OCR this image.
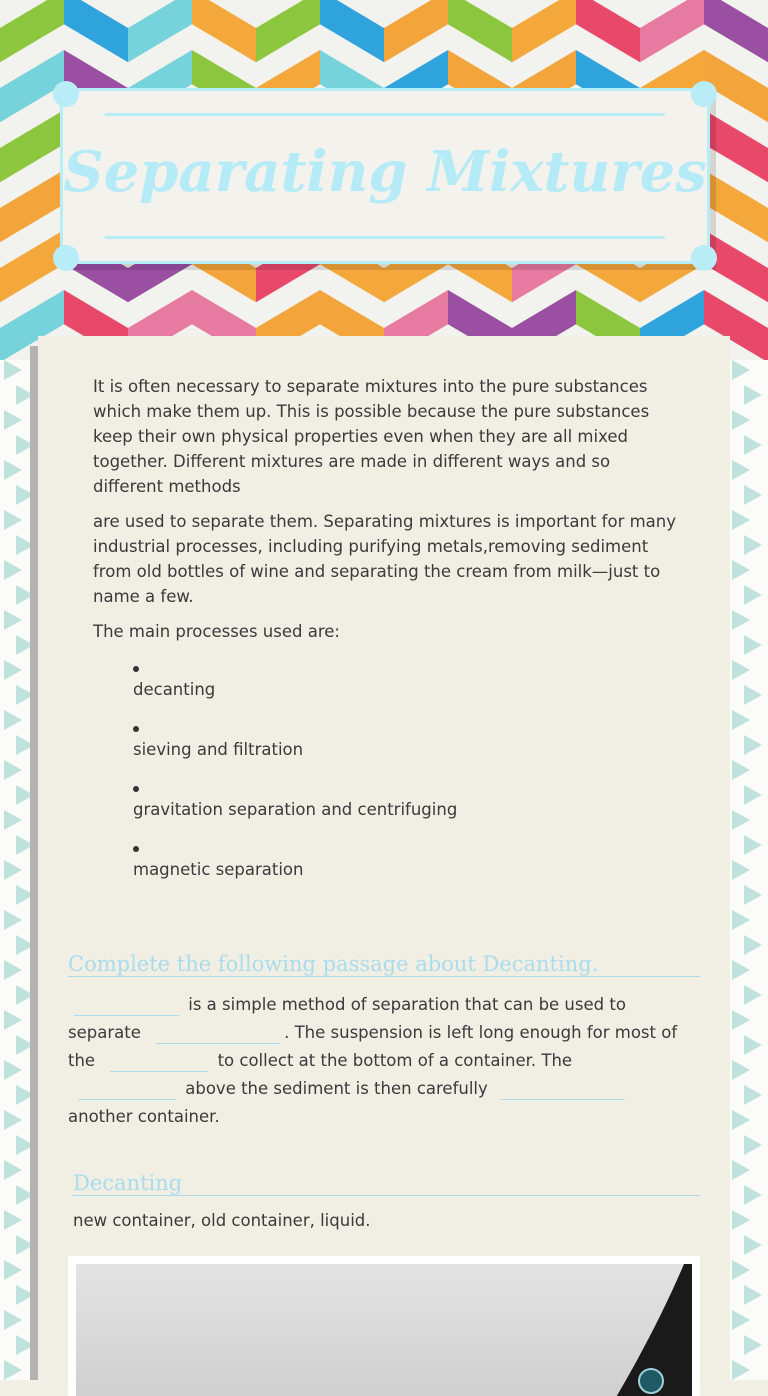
Separating Mixtures

It is often necessary to separate mixtures into the pure substances which make them up. This is possible because the pure substances keep their own physical properties even when they are all mixed together. Different mixtures are made in different ways and so different methods

are used to separate them. Separating mixtures is important for many industrial processes, including purifying metals,removing sediment from old bottles of wine and separating the cream from milk—just to name a few.

The main processes used are:

decanting
sieving and filtration
gravitation separation and centrifuging
magnetic separation
Complete the following passage about Decanting.
is a simple method of separation that can be used to separate	. The suspension is left long enough for most of the	to collect at the bottom of a container. The  above the sediment is then carefully  another container.
Decanting
new container, old container, liquid.
